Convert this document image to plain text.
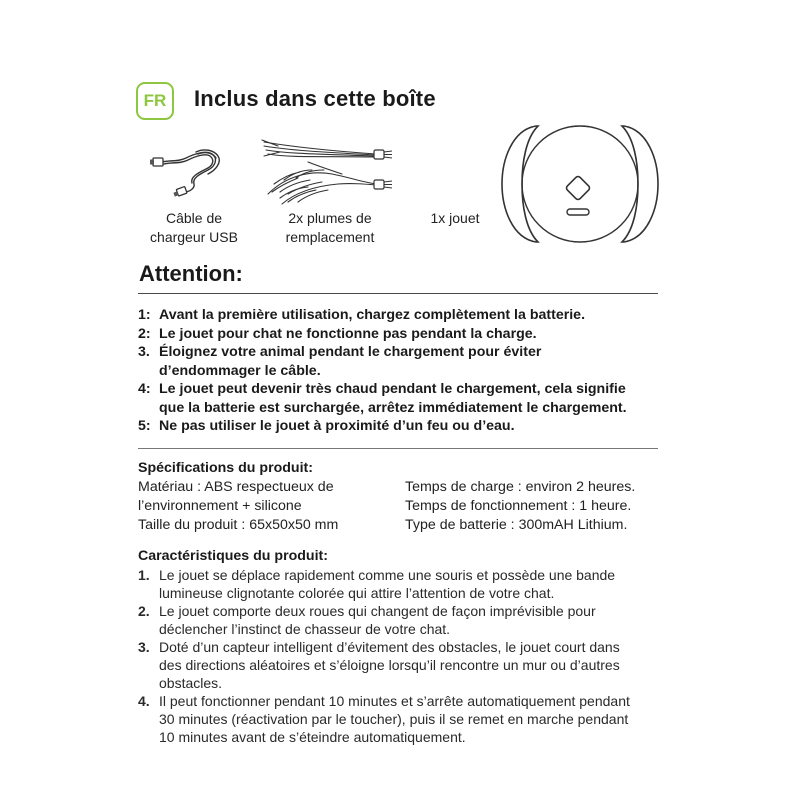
FR	Inclus dans cette boîte
Câble de
chargeur USB
2x plumes de
remplacement
1x jouet
Attention:
1: Avant la première utilisation, chargez complètement la batterie.
2: Le jouet pour chat ne fonctionne pas pendant la charge.
3. Éloignez votre animal pendant le chargement pour éviter
d’endommager le câble.
4: Le jouet peut devenir très chaud pendant le chargement, cela signifie
que la batterie est surchargée, arrêtez immédiatement le chargement.
5: Ne pas utiliser le jouet à proximité d’un feu ou d’eau.
Spécifications du produit:
Matériau : ABS respectueux de
l’environnement + silicone
Taille du produit : 65x50x50 mm
Temps de charge : environ 2 heures.
Temps de fonctionnement : 1 heure.
Type de batterie : 300mAH Lithium.
Caractéristiques du produit:
1. Le jouet se déplace rapidement comme une souris et possède une bande
lumineuse clignotante colorée qui attire l’attention de votre chat.
2. Le jouet comporte deux roues qui changent de façon imprévisible pour
déclencher l’instinct de chasseur de votre chat.
3. Doté d’un capteur intelligent d’évitement des obstacles, le jouet court dans
des directions aléatoires et s’éloigne lorsqu’il rencontre un mur ou d’autres
obstacles.
4. Il peut fonctionner pendant 10 minutes et s’arrête automatiquement pendant
30 minutes (réactivation par le toucher), puis il se remet en marche pendant
10 minutes avant de s’éteindre automatiquement.
